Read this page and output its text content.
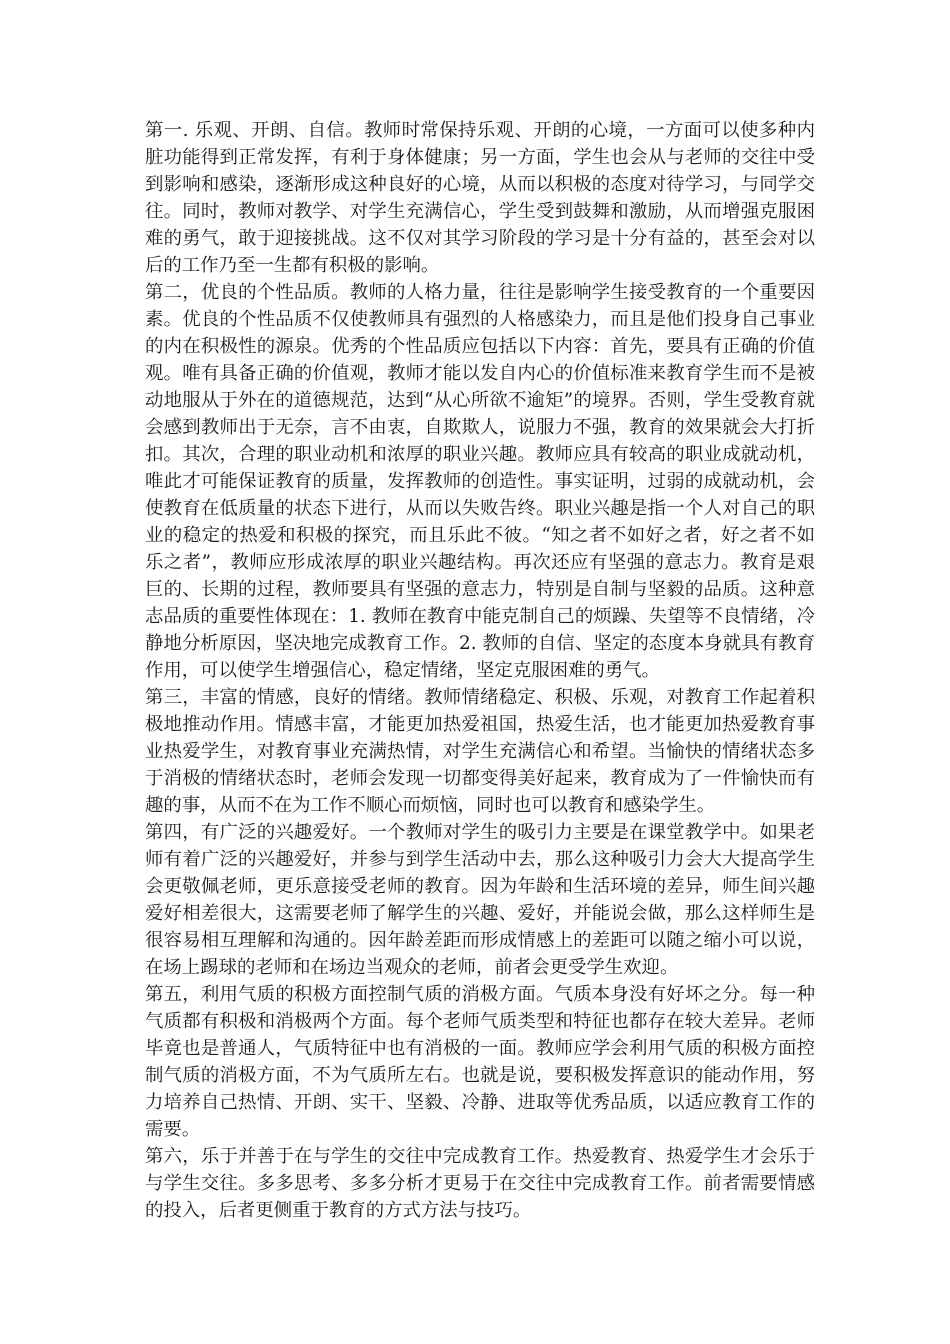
第一. 乐观、开朗、自信。教师时常保持乐观、开朗的心境，一方面可以使多种内脏功能得到正常发挥，有利于身体健康；另一方面，学生也会从与老师的交往中受到影响和感染，逐渐形成这种良好的心境，从而以积极的态度对待学习，与同学交往。同时，教师对教学、对学生充满信心，学生受到鼓舞和激励，从而增强克服困难的勇气，敢于迎接挑战。这不仅对其学习阶段的学习是十分有益的，甚至会对以后的工作乃至一生都有积极的影响。

第二，优良的个性品质。教师的人格力量，往往是影响学生接受教育的一个重要因素。优良的个性品质不仅使教师具有强烈的人格感染力，而且是他们投身自己事业的内在积极性的源泉。优秀的个性品质应包括以下内容：首先，要具有正确的价值观。唯有具备正确的价值观，教师才能以发自内心的价值标准来教育学生而不是被动地服从于外在的道德规范，达到“从心所欲不逾矩”的境界。否则，学生受教育就会感到教师出于无奈，言不由衷，自欺欺人，说服力不强，教育的效果就会大打折扣。其次，合理的职业动机和浓厚的职业兴趣。教师应具有较高的职业成就动机，唯此才可能保证教育的质量，发挥教师的创造性。事实证明，过弱的成就动机，会使教育在低质量的状态下进行，从而以失败告终。职业兴趣是指一个人对自己的职业的稳定的热爱和积极的探究，而且乐此不彼。“知之者不如好之者，好之者不如乐之者”，教师应形成浓厚的职业兴趣结构。再次还应有坚强的意志力。教育是艰巨的、长期的过程，教师要具有坚强的意志力，特别是自制与坚毅的品质。这种意志品质的重要性体现在：1. 教师在教育中能克制自己的烦躁、失望等不良情绪，冷静地分析原因，坚决地完成教育工作。2. 教师的自信、坚定的态度本身就具有教育作用，可以使学生增强信心，稳定情绪，坚定克服困难的勇气。

第三，丰富的情感，良好的情绪。教师情绪稳定、积极、乐观，对教育工作起着积极地推动作用。情感丰富，才能更加热爱祖国，热爱生活，也才能更加热爱教育事业热爱学生，对教育事业充满热情，对学生充满信心和希望。当愉快的情绪状态多于消极的情绪状态时，老师会发现一切都变得美好起来，教育成为了一件愉快而有趣的事，从而不在为工作不顺心而烦恼，同时也可以教育和感染学生。

第四，有广泛的兴趣爱好。一个教师对学生的吸引力主要是在课堂教学中。如果老师有着广泛的兴趣爱好，并参与到学生活动中去，那么这种吸引力会大大提高学生会更敬佩老师，更乐意接受老师的教育。因为年龄和生活环境的差异，师生间兴趣爱好相差很大，这需要老师了解学生的兴趣、爱好，并能说会做，那么这样师生是很容易相互理解和沟通的。因年龄差距而形成情感上的差距可以随之缩小可以说，在场上踢球的老师和在场边当观众的老师，前者会更受学生欢迎。

第五，利用气质的积极方面控制气质的消极方面。气质本身没有好坏之分。每一种气质都有积极和消极两个方面。每个老师气质类型和特征也都存在较大差异。老师毕竟也是普通人，气质特征中也有消极的一面。教师应学会利用气质的积极方面控制气质的消极方面，不为气质所左右。也就是说，要积极发挥意识的能动作用，努力培养自己热情、开朗、实干、坚毅、冷静、进取等优秀品质，以适应教育工作的需要。

第六，乐于并善于在与学生的交往中完成教育工作。热爱教育、热爱学生才会乐于与学生交往。多多思考、多多分析才更易于在交往中完成教育工作。前者需要情感的投入，后者更侧重于教育的方式方法与技巧。
